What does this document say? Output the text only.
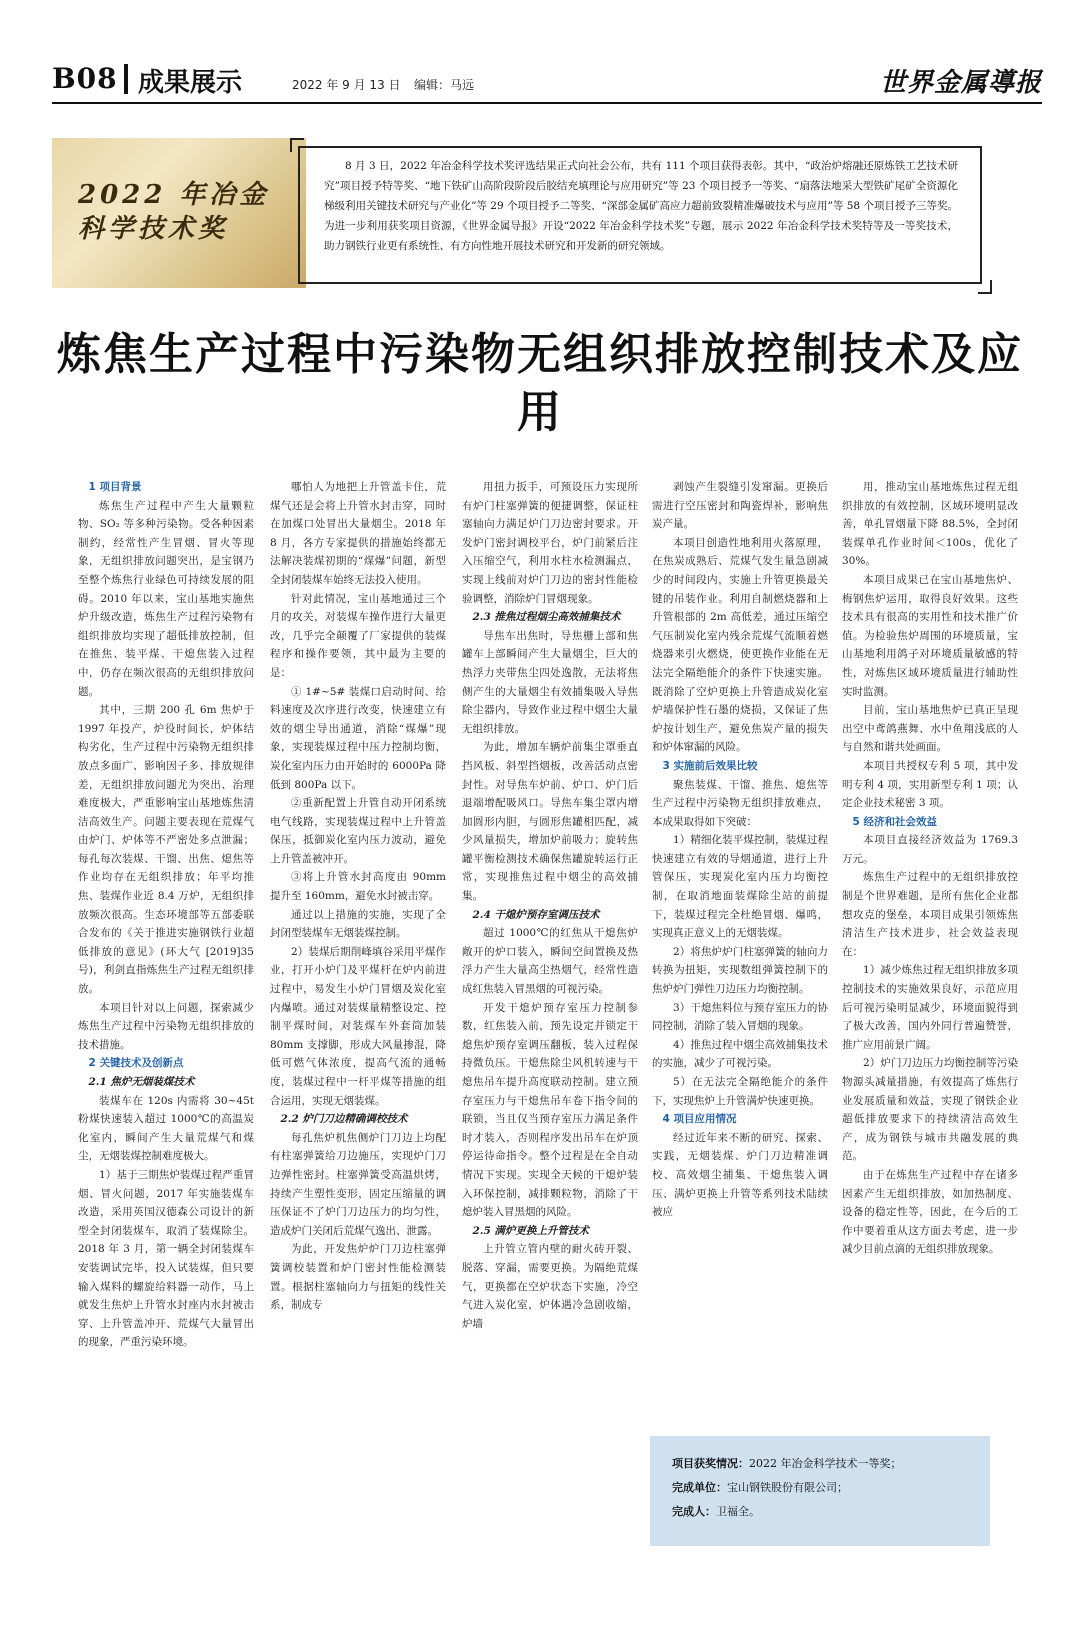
B08 成果展示	2022 年 9 月 13 日 编辑：马远	世界金属導报
2022 年冶金科学技术奖
8 月 3 日，2022 年冶金科学技术奖评选结果正式向社会公布，共有 111 个项目获得表彰。其中，“政治炉熔融还原炼铁工艺技术研究”项目授予特等奖、“地下铁矿山高阶段阶段后胶结充填理论与应用研究”等 23 个项目授予一等奖、“扇落法地采大型铁矿尾矿全资源化梯级利用关键技术研究与产业化”等 29 个项目授予二等奖、“深部金属矿高应力超前致裂精准爆破技术与应用”等 58 个项目授予三等奖。为进一步利用获奖项目资源，《世界金属导报》开设“2022 年冶金科学技术奖”专题，展示 2022 年冶金科学技术奖特等及一等奖技术，助力钢铁行业更有系统性、有方向性地开展技术研究和开发新的研究领域。
炼焦生产过程中污染物无组织排放控制技术及应用

1 项目背景

炼焦生产过程中产生大量颗粒物、SO₂ 等多种污染物。受各种因素制约，经常性产生冒烟、冒火等现象，无组织排放问题突出，是宝钢乃至整个炼焦行业绿色可持续发展的阻碍。2010 年以来，宝山基地实施焦炉升级改造，炼焦生产过程污染物有组织排放均实现了超低排放控制，但在推焦、装平煤、干熄焦装入过程中，仍存在频次很高的无组织排放问题。

其中，三期 200 孔 6m 焦炉于 1997 年投产，炉役时间长，炉体结构劣化，生产过程中污染物无组织排放点多面广、影响因子多、排放规律差，无组织排放问题尤为突出、治理难度极大，严重影响宝山基地炼焦清洁高效生产。问题主要表现在荒煤气由炉门、炉体等不严密处多点泄漏；每孔每次装煤、干馏、出焦、熄焦等作业均存在无组织排放；年平均推焦、装煤作业近 8.4 万炉，无组织排放频次很高。生态环境部等五部委联合发布的《关于推进实施钢铁行业超低排放的意见》(环大气 [2019]35 号)，利剑直指炼焦生产过程无组织排放。

本项目针对以上问题，探索减少炼焦生产过程中污染物无组织排放的技术措施。

2 关键技术及创新点

2.1 焦炉无烟装煤技术

装煤车在 120s 内需将 30~45t 粉煤快速装入超过 1000℃的高温炭化室内，瞬间产生大量荒煤气和煤尘，无烟装煤控制难度极大。

1）基于三期焦炉装煤过程严重冒烟、冒火问题，2017 年实施装煤车改造，采用英国汉德森公司设计的新型全封闭装煤车，取消了装煤除尘。2018 年 3 月，第一辆全封闭装煤车安装调试完毕，投入试装煤，但只要输入煤料的螺旋给料器一动作，马上就发生焦炉上升管水封座内水封被击穿、上升管盖冲开、荒煤气大量冒出的现象，严重污染环境。

哪怕人为地把上升管盖卡住，荒煤气还是会将上升管水封击穿，同时在加煤口处冒出大量烟尘。2018 年 8 月，各方专家提供的措施始终都无法解决装煤初期的“煤爆”问题，新型全封闭装煤车始终无法投入使用。

针对此情况，宝山基地通过三个月的攻关，对装煤车操作进行大量更改，几乎完全颠覆了厂家提供的装煤程序和操作要领，其中最为主要的是：

① 1#~5# 装煤口启动时间、给料速度及次序进行改变，快速建立有效的烟尘导出通道，消除“煤爆”现象，实现装煤过程中压力控制均衡，炭化室内压力由开始时的 6000Pa 降低到 800Pa 以下。

②重新配置上升管自动开闭系统电气线路，实现装煤过程中上升管盖保压，抵御炭化室内压力波动，避免上升管盖被冲开。

③将上升管水封高度由 90mm 提升至 160mm，避免水封被击穿。

通过以上措施的实施，实现了全封闭型装煤车无烟装煤控制。

2）装煤后期削峰填谷采用平煤作业，打开小炉门及平煤杆在炉内前进过程中，易发生小炉门冒烟及炭化室内爆喷。通过对装煤量精整设定、控制平煤时间，对装煤车外套筒加装 80mm 支撑脚，形成大风量掺混，降低可燃气体浓度，提高气流的通畅度，装煤过程中一杆平煤等措施的组合运用，实现无烟装煤。

2.2 炉门刀边精确调校技术

每孔焦炉机焦侧炉门刀边上均配有柱塞弹簧给刀边施压，实现炉门刀边弹性密封。柱塞弹簧受高温烘烤，持续产生塑性变形，固定压缩量的调压保证不了炉门刀边压力的均匀性，造成炉门关闭后荒煤气逸出、泄露。

为此，开发焦炉炉门刀边柱塞弹簧调校装置和炉门密封性能检测装置。根据柱塞轴向力与扭矩的线性关系，制成专

用扭力扳手，可预设压力实现所有炉门柱塞弹簧的便捷调整，保证柱塞轴向力满足炉门刀边密封要求。开发炉门密封调校平台，炉门前紧后注入压缩空气，利用水柱水检测漏点，实现上线前对炉门刀边的密封性能检验调整，消除炉门冒烟现象。

2.3 推焦过程烟尘高效捕集技术

导焦车出焦时，导焦栅上部和焦罐车上部瞬间产生大量烟尘，巨大的热浮力夹带焦尘四处逸散，无法将焦侧产生的大量烟尘有效捕集吸入导焦除尘器内，导致作业过程中烟尘大量无组织排放。

为此，增加车辆炉前集尘罩垂直挡风板、斜型挡烟板，改善活动点密封性。对导焦车炉前、炉口、炉门后退端增配吸风口。导焦车集尘罩内增加圆形内胆，与圆形焦罐相匹配，减少风量损失，增加炉前吸力；旋转焦罐平衡检测技术确保焦罐旋转运行正常，实现推焦过程中烟尘的高效捕集。

2.4 干熄炉预存室调压技术

超过 1000℃的红焦从干熄焦炉敞开的炉口装入，瞬间空间置换及热浮力产生大量高尘热烟气，经常性造成红焦装入冒黑烟的可视污染。

开发干熄炉预存室压力控制参数，红焦装入前，预先设定并锁定干熄焦炉预存室调压翻板，装入过程保持微负压。干熄焦除尘风机转速与干熄焦吊车提升高度联动控制。建立预存室压力与干熄焦吊车卷下指令间的联锁，当且仅当预存室压力满足条件时才装入，否则程序发出吊车在炉顶停运待命指令。整个过程是在全自动情况下实现。实现全天候的干熄炉装入环保控制，减排颗粒物，消除了干熄炉装入冒黑烟的风险。

2.5 满炉更换上升管技术

上升管立管内壁的耐火砖开裂、脱落、穿漏，需要更换。为隔绝荒煤气，更换都在空炉状态下实施，冷空气进入炭化室，炉体遇冷急剧收缩，炉墙

剥蚀产生裂缝引发窜漏。更换后需进行空压密封和陶瓷焊补，影响焦炭产量。

本项目创造性地利用火落原理，在焦炭成熟后、荒煤气发生量急剧减少的时间段内，实施上升管更换最关键的吊装作业。利用自制燃烧器和上升管根部的 2m 高低差，通过压缩空气压制炭化室内残余荒煤气流顺着燃烧器来引火燃烧，使更换作业能在无法完全隔绝能介的条件下快速实施。既消除了空炉更换上升管造成炭化室炉墙保护性石墨的烧损，又保证了焦炉按计划生产，避免焦炭产量的损失和炉体窜漏的风险。

3 实施前后效果比较

聚焦装煤、干馏、推焦、熄焦等生产过程中污染物无组织排放难点，本成果取得如下突破：

1）精细化装平煤控制，装煤过程快速建立有效的导烟通道，进行上升管保压，实现炭化室内压力均衡控制，在取消地面装煤除尘站的前提下，装煤过程完全杜绝冒烟、爆鸣，实现真正意义上的无烟装煤。

2）将焦炉炉门柱塞弹簧的轴向力转换为扭矩，实现数组弹簧控制下的焦炉炉门弹性刀边压力均衡控制。

3）干熄焦料位与预存室压力的协同控制，消除了装入冒烟的现象。

4）推焦过程中烟尘高效捕集技术的实施，减少了可视污染。

5）在无法完全隔绝能介的条件下，实现焦炉上升管满炉快速更换。

4 项目应用情况

经过近年来不断的研究、探索、实践，无烟装煤、炉门刀边精准调校、高效烟尘捕集、干熄焦装入调压、满炉更换上升管等系列技术陆续被应

用，推动宝山基地炼焦过程无组织排放的有效控制，区域环境明显改善，单孔冒烟量下降 88.5%，全封闭装煤单孔作业时间＜100s，优化了 30%。

本项目成果已在宝山基地焦炉、梅钢焦炉运用，取得良好效果。这些技术具有很高的实用性和技术推广价值。为检验焦炉周围的环境质量，宝山基地利用鸽子对环境质量敏感的特性，对炼焦区域环境质量进行辅助性实时监测。

目前，宝山基地焦炉已真正呈现出空中鸢鸽燕舞、水中鱼翔浅底的人与自然和谐共处画面。

本项目共授权专利 5 项，其中发明专利 4 项，实用新型专利 1 项；认定企业技术秘密 3 项。

5 经济和社会效益

本项目直接经济效益为 1769.3 万元。

炼焦生产过程中的无组织排放控制是个世界难题，是所有焦化企业都想攻克的堡垒，本项目成果引领炼焦清洁生产技术进步，社会效益表现在：

1）减少炼焦过程无组织排放多项控制技术的实施效果良好，示范应用后可视污染明显减少，环境面貌得到了极大改善，国内外同行普遍赞誉，推广应用前景广阔。

2）炉门刀边压力均衡控制等污染物源头减量措施，有效提高了炼焦行业发展质量和效益，实现了钢铁企业超低排放要求下的持续清洁高效生产，成为钢铁与城市共融发展的典范。

由于在炼焦生产过程中存在诸多因素产生无组织排放，如加热制度、设备的稳定性等，因此，在今后的工作中要着重从这方面去考虑，进一步减少目前点滴的无组织排放现象。

项目获奖情况：2022 年冶金科学技术一等奖；
完成单位：宝山钢铁股份有限公司；
完成人：卫福全。
